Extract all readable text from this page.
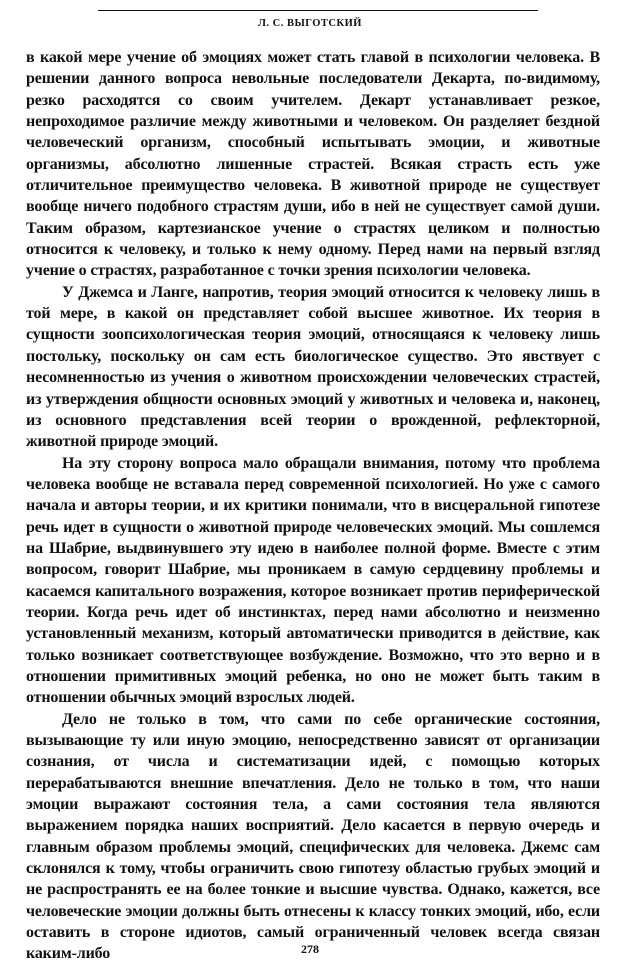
Л. С. ВЫГОТСКИЙ

в какой мере учение об эмоциях может стать главой в психологии человека. В решении данного вопроса невольные последователи Декарта, по-видимому, резко расходятся со своим учителем. Декарт устанавливает резкое, непроходимое различие между животными и человеком. Он разделяет бездной человеческий организм, способный испытывать эмоции, и животные организмы, абсолютно лишенные страстей. Всякая страсть есть уже отличительное преимущество человека. В животной природе не существует вообще ничего подобного страстям души, ибо в ней не существует самой души. Таким образом, картезианское учение о страстях целиком и полностью относится к человеку, и только к нему одному. Перед нами на первый взгляд учение о страстях, разработанное с точки зрения психологии человека.

У Джемса и Ланге, напротив, теория эмоций относится к человеку лишь в той мере, в какой он представляет собой высшее животное. Их теория в сущности зоопсихологическая теория эмоций, относящаяся к человеку лишь постольку, поскольку он сам есть биологическое существо. Это явствует с несомненностью из учения о животном происхождении человеческих страстей, из утверждения общности основных эмоций у животных и человека и, наконец, из основного представления всей теории о врожденной, рефлекторной, животной природе эмоций.

На эту сторону вопроса мало обращали внимания, потому что проблема человека вообще не вставала перед современной психологией. Но уже с самого начала и авторы теории, и их критики понимали, что в висцеральной гипотезе речь идет в сущности о животной природе человеческих эмоций. Мы сошлемся на Шабрие, выдвинувшего эту идею в наиболее полной форме. Вместе с этим вопросом, говорит Шабрие, мы проникаем в самую сердцевину проблемы и касаемся капитального возражения, которое возникает против периферической теории. Когда речь идет об инстинктах, перед нами абсолютно и неизменно установленный механизм, который автоматически приводится в действие, как только возникает соответствующее возбуждение. Возможно, что это верно и в отношении примитивных эмоций ребенка, но оно не может быть таким в отношении обычных эмоций взрослых людей.

Дело не только в том, что сами по себе органические состояния, вызывающие ту или иную эмоцию, непосредственно зависят от организации сознания, от числа и систематизации идей, с помощью которых перерабатываются внешние впечатления. Дело не только в том, что наши эмоции выражают состояния тела, а сами состояния тела являются выражением порядка наших восприятий. Дело касается в первую очередь и главным образом проблемы эмоций, специфических для человека. Джемс сам склонялся к тому, чтобы ограничить свою гипотезу областью грубых эмоций и не распространять ее на более тонкие и высшие чувства. Однако, кажется, все человеческие эмоции должны быть отнесены к классу тонких эмоций, ибо, если оставить в стороне идиотов, самый ограниченный человек всегда связан каким-либо	278
